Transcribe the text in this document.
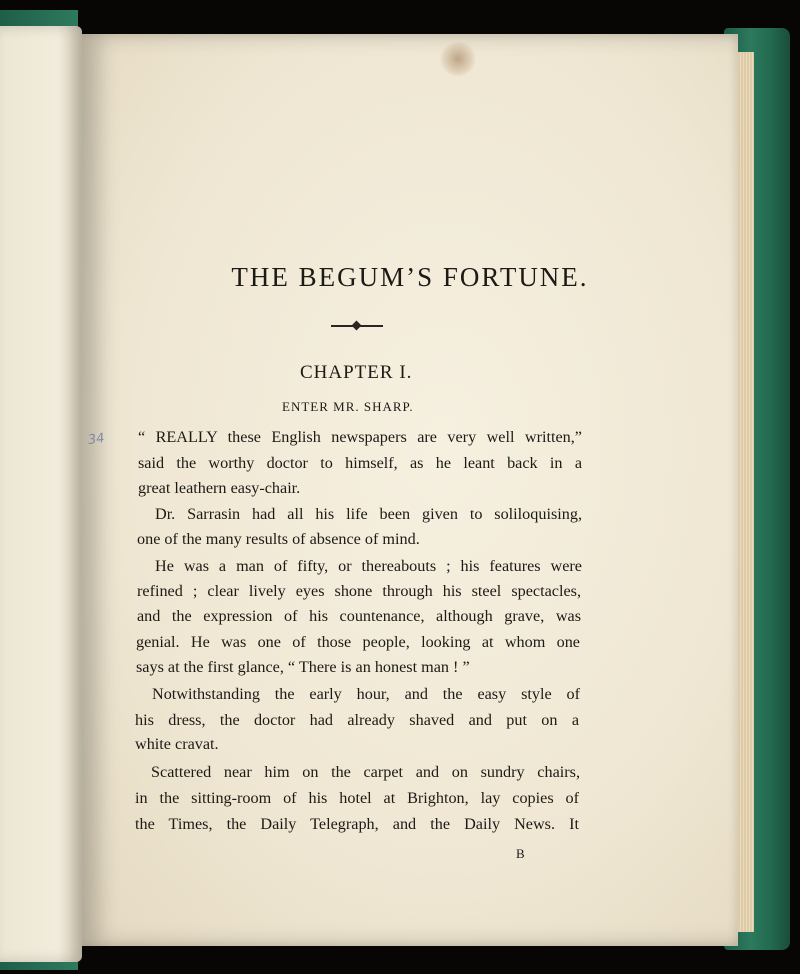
THE BEGUM’S FORTUNE.
CHAPTER I.
ENTER MR. SHARP.
34 “ REALLY these English newspapers are very well written,”
said the worthy doctor to himself, as he leant back in a
great leathern easy-chair.
Dr. Sarrasin had all his life been given to soliloquising,
one of the many results of absence of mind.
He was a man of fifty, or thereabouts ; his features were
refined ; clear lively eyes shone through his steel spectacles,
and the expression of his countenance, although grave, was
genial. He was one of those people, looking at whom one
says at the first glance, “ There is an honest man ! ”
Notwithstanding the early hour, and the easy style of
his dress, the doctor had already shaved and put on a
white cravat.
Scattered near him on the carpet and on sundry chairs,
in the sitting-room of his hotel at Brighton, lay copies of
the Times, the Daily Telegraph, and the Daily News. It
B
